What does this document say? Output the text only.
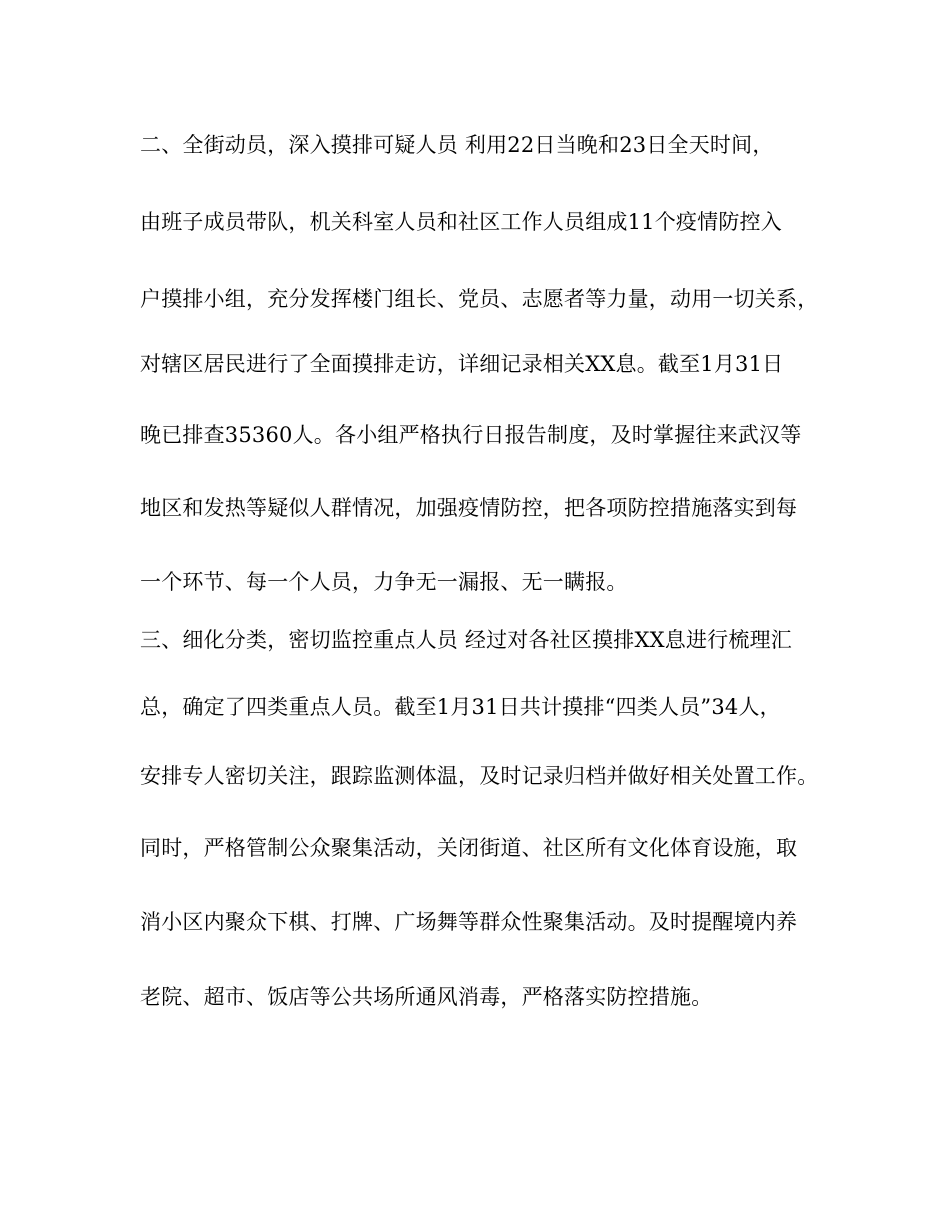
二、全街动员，深入摸排可疑人员 利用22日当晚和23日全天时间，
由班子成员带队，机关科室人员和社区工作人员组成11个疫情防控入
户摸排小组，充分发挥楼门组长、党员、志愿者等力量，动用一切关系，
对辖区居民进行了全面摸排走访，详细记录相关XX息。截至1月31日
晚已排查35360人。各小组严格执行日报告制度，及时掌握往来武汉等
地区和发热等疑似人群情况，加强疫情防控，把各项防控措施落实到每
一个环节、每一个人员，力争无一漏报、无一瞒报。
三、细化分类，密切监控重点人员 经过对各社区摸排XX息进行梳理汇
总，确定了四类重点人员。截至1月31日共计摸排“四类人员”34人，
安排专人密切关注，跟踪监测体温，及时记录归档并做好相关处置工作。
同时，严格管制公众聚集活动，关闭街道、社区所有文化体育设施，取
消小区内聚众下棋、打牌、广场舞等群众性聚集活动。及时提醒境内养
老院、超市、饭店等公共场所通风消毒，严格落实防控措施。
